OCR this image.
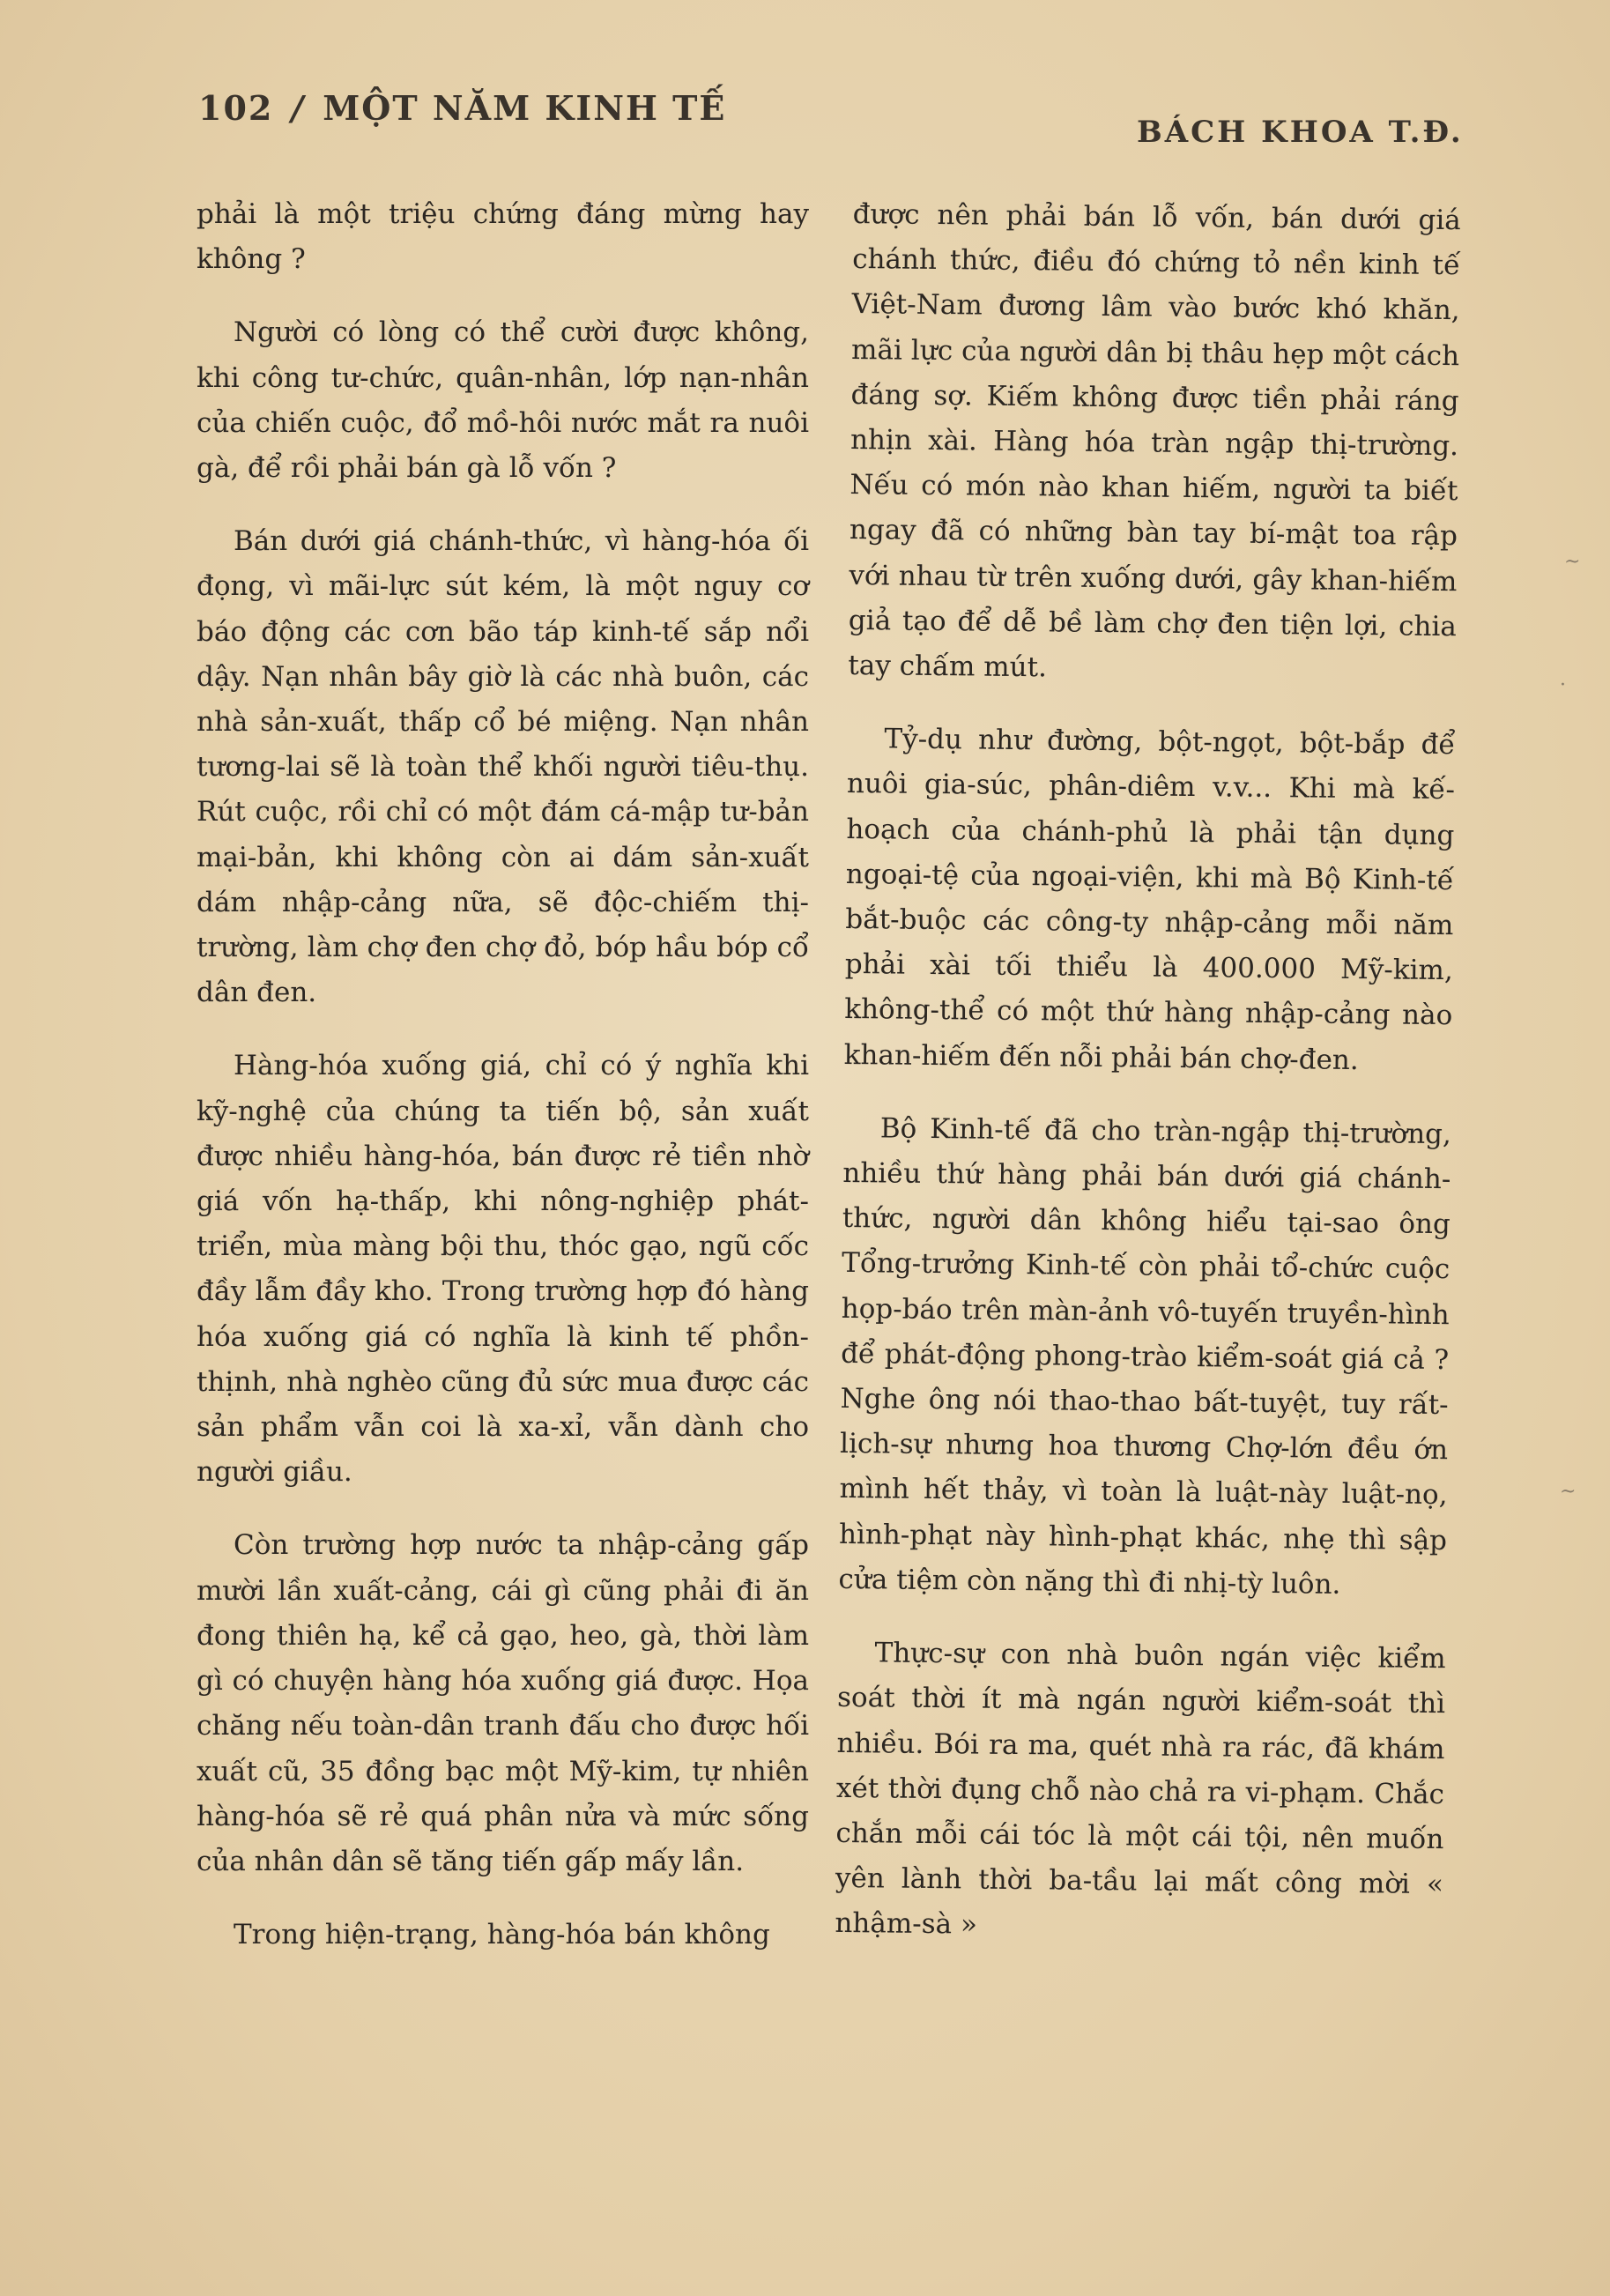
102 / MỘT NĂM KINH TẾ
BÁCH KHOA T.Đ.

phải là một triệu chứng đáng mừng hay không ?

Người có lòng có thể cười được không, khi công tư-chức, quân-nhân, lớp nạn-nhân của chiến cuộc, đổ mồ-hôi nước mắt ra nuôi gà, để rồi phải bán gà lỗ vốn ?

Bán dưới giá chánh-thức, vì hàng-hóa ối đọng, vì mãi-lực sút kém, là một nguy cơ báo động các cơn bão táp kinh-tế sắp nổi dậy. Nạn nhân bây giờ là các nhà buôn, các nhà sản-xuất, thấp cổ bé miệng. Nạn nhân tương-lai sẽ là toàn thể khối người tiêu-thụ. Rút cuộc, rồi chỉ có một đám cá-mập tư-bản mại-bản, khi không còn ai dám sản-xuất dám nhập-cảng nữa, sẽ độc-chiếm thị-trường, làm chợ đen chợ đỏ, bóp hầu bóp cổ dân đen.

Hàng-hóa xuống giá, chỉ có ý nghĩa khi kỹ-nghệ của chúng ta tiến bộ, sản xuất được nhiều hàng-hóa, bán được rẻ tiền nhờ giá vốn hạ-thấp, khi nông-nghiệp phát-triển, mùa màng bội thu, thóc gạo, ngũ cốc đầy lẫm đầy kho. Trong trường hợp đó hàng hóa xuống giá có nghĩa là kinh tế phồn-thịnh, nhà nghèo cũng đủ sức mua được các sản phẩm vẫn coi là xa-xỉ, vẫn dành cho người giầu.

Còn trường hợp nước ta nhập-cảng gấp mười lần xuất-cảng, cái gì cũng phải đi ăn đong thiên hạ, kể cả gạo, heo, gà, thời làm gì có chuyện hàng hóa xuống giá được. Họa chăng nếu toàn-dân tranh đấu cho được hối xuất cũ, 35 đồng bạc một Mỹ-kim, tự nhiên hàng-hóa sẽ rẻ quá phân nửa và mức sống của nhân dân sẽ tăng tiến gấp mấy lần.

Trong hiện-trạng, hàng-hóa bán không

được nên phải bán lỗ vốn, bán dưới giá chánh thức, điều đó chứng tỏ nền kinh tế Việt-Nam đương lâm vào bước khó khăn, mãi lực của người dân bị thâu hẹp một cách đáng sợ. Kiếm không được tiền phải ráng nhịn xài. Hàng hóa tràn ngập thị-trường. Nếu có món nào khan hiếm, người ta biết ngay đã có những bàn tay bí-mật toa rập với nhau từ trên xuống dưới, gây khan-hiếm giả tạo để dễ bề làm chợ đen tiện lợi, chia tay chấm mút.

Tỷ-dụ như đường, bột-ngọt, bột-bắp để nuôi gia-súc, phân-diêm v.v... Khi mà kế-hoạch của chánh-phủ là phải tận dụng ngoại-tệ của ngoại-viện, khi mà Bộ Kinh-tế bắt-buộc các công-ty nhập-cảng mỗi năm phải xài tối thiểu là 400.000 Mỹ-kim, không-thể có một thứ hàng nhập-cảng nào khan-hiếm đến nỗi phải bán chợ-đen.

Bộ Kinh-tế đã cho tràn-ngập thị-trường, nhiều thứ hàng phải bán dưới giá chánh-thức, người dân không hiểu tại-sao ông Tổng-trưởng Kinh-tế còn phải tổ-chức cuộc họp-báo trên màn-ảnh vô-tuyến truyền-hình để phát-động phong-trào kiểm-soát giá cả ? Nghe ông nói thao-thao bất-tuyệt, tuy rất-lịch-sự nhưng hoa thương Chợ-lớn đều ớn mình hết thảy, vì toàn là luật-này luật-nọ, hình-phạt này hình-phạt khác, nhẹ thì sập cửa tiệm còn nặng thì đi nhị-tỳ luôn.

Thực-sự con nhà buôn ngán việc kiểm soát thời ít mà ngán người kiểm-soát thì nhiều. Bói ra ma, quét nhà ra rác, đã khám xét thời đụng chỗ nào chả ra vi-phạm. Chắc chắn mỗi cái tóc là một cái tội, nên muốn yên lành thời ba-tầu lại mất công mời « nhậm-sà »

~
·
~
